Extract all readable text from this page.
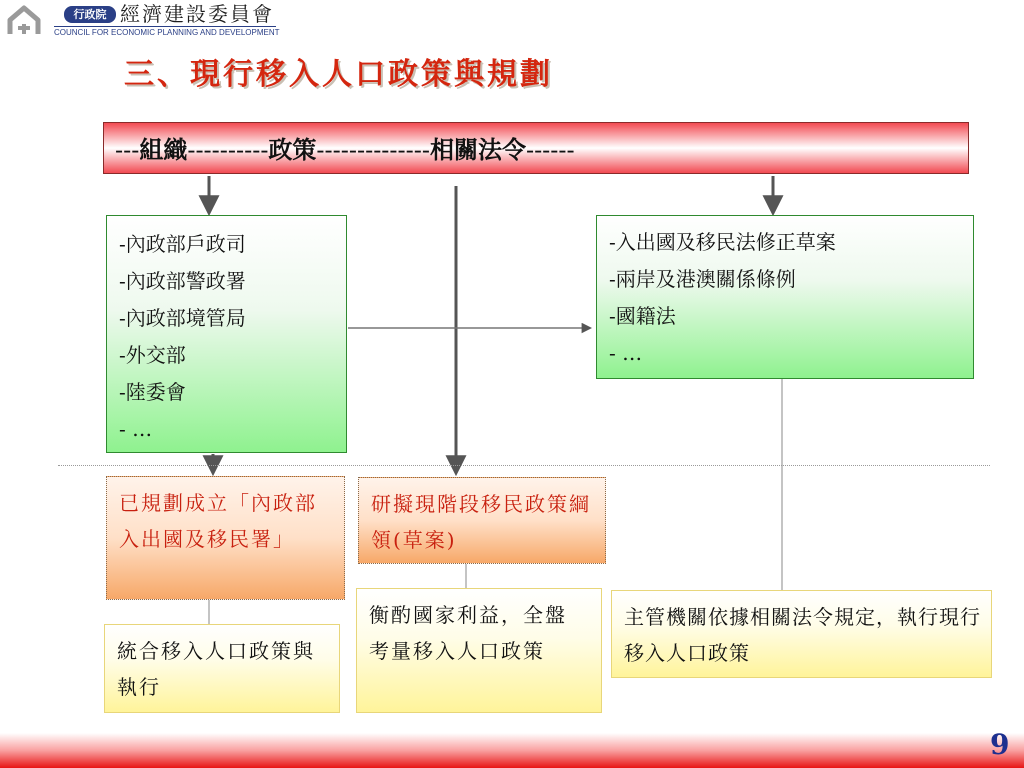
行政院 經濟建設委員會
COUNCIL FOR ECONOMIC PLANNING AND DEVELOPMENT
三、現行移入人口政策與規劃
---組織----------政策--------------相關法令------
-內政部戶政司
-內政部警政署
-內政部境管局
-外交部
-陸委會
- …
-入出國及移民法修正草案
-兩岸及港澳關係條例
-國籍法
- …
已規劃成立「內政部入出國及移民署」
研擬現階段移民政策綱領(草案)
統合移入人口政策與執行
衡酌國家利益，全盤考量移入人口政策
主管機關依據相關法令規定，執行現行移入人口政策
9
